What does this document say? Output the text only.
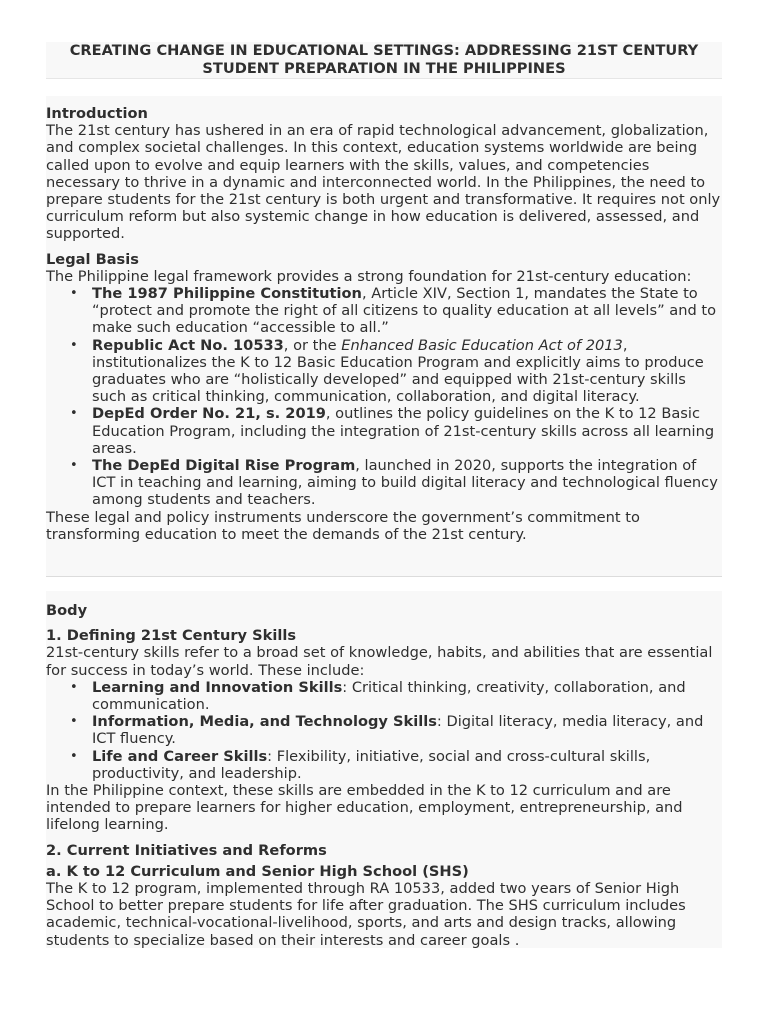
CREATING CHANGE IN EDUCATIONAL SETTINGS: ADDRESSING 21ST CENTURY
STUDENT PREPARATION IN THE PHILIPPINES

Introduction

The 21st century has ushered in an era of rapid technological advancement, globalization, and complex societal challenges. In this context, education systems worldwide are being called upon to evolve and equip learners with the skills, values, and competencies necessary to thrive in a dynamic and interconnected world. In the Philippines, the need to prepare students for the 21st century is both urgent and transformative. It requires not only curriculum reform but also systemic change in how education is delivered, assessed, and supported.

Legal Basis

The Philippine legal framework provides a strong foundation for 21st-century education:

• The 1987 Philippine Constitution, Article XIV, Section 1, mandates the State to “protect and promote the right of all citizens to quality education at all levels” and to make such education “accessible to all.”
• Republic Act No. 10533, or the Enhanced Basic Education Act of 2013, institutionalizes the K to 12 Basic Education Program and explicitly aims to produce graduates who are “holistically developed” and equipped with 21st-century skills such as critical thinking, communication, collaboration, and digital literacy.
• DepEd Order No. 21, s. 2019, outlines the policy guidelines on the K to 12 Basic Education Program, including the integration of 21st-century skills across all learning areas.
• The DepEd Digital Rise Program, launched in 2020, supports the integration of ICT in teaching and learning, aiming to build digital literacy and technological fluency among students and teachers.

These legal and policy instruments underscore the government’s commitment to transforming education to meet the demands of the 21st century.

Body

1. Defining 21st Century Skills

21st-century skills refer to a broad set of knowledge, habits, and abilities that are essential for success in today’s world. These include:

• Learning and Innovation Skills: Critical thinking, creativity, collaboration, and communication.
• Information, Media, and Technology Skills: Digital literacy, media literacy, and ICT fluency.
• Life and Career Skills: Flexibility, initiative, social and cross-cultural skills, productivity, and leadership.

In the Philippine context, these skills are embedded in the K to 12 curriculum and are intended to prepare learners for higher education, employment, entrepreneurship, and lifelong learning.

2. Current Initiatives and Reforms

a. K to 12 Curriculum and Senior High School (SHS)

The K to 12 program, implemented through RA 10533, added two years of Senior High School to better prepare students for life after graduation. The SHS curriculum includes academic, technical-vocational-livelihood, sports, and arts and design tracks, allowing students to specialize based on their interests and career goals .
